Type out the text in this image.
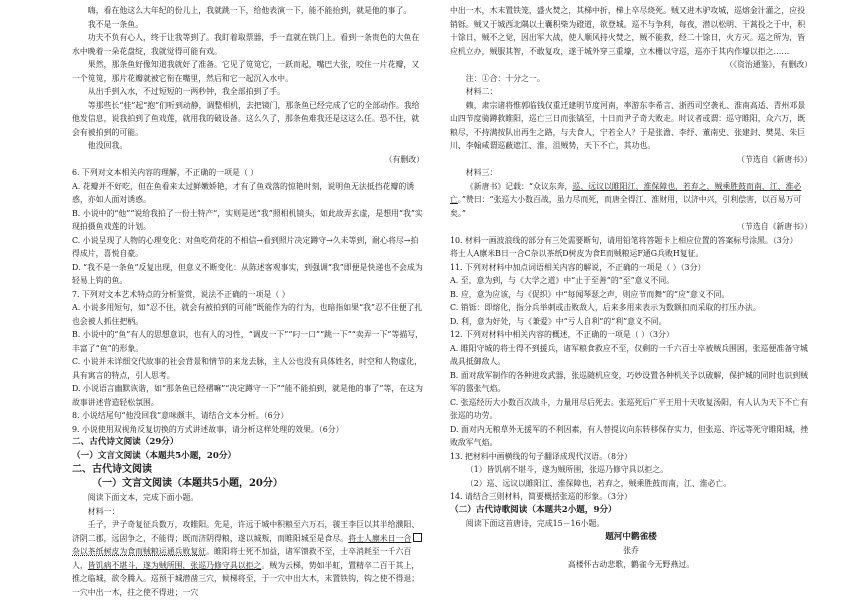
嗨，看在他这么大年纪的份儿上，我就跳一下，给他表演一下，能不能抬到，就是他的事了。

我不是一条鱼。

功夫不负有心人，终于让我等到了。我盯着取票器，手一直就在铁门上。看到一条贵色的大鱼在水中晚着一朵花盘绽，我就觉得可能有戏。

果然，那条鱼好像知道我就好了准备。它见了笕笕它，一跃而起，嘴巴大张，咬住一片花瓣，又一个笕笕，那片花瓣就被它衔在嘴里，然后和它一起沉入水中。

从出手到入水，不过短短的一两秒钟，我全部拍到了手。

等那些长“桂”起“抱”们听到动静，调整相机，去把镜门，那条鱼已经完成了它的全部动作。我给他发信息，说我拍到了鱼戏莲，就用我的破设备。这么久了，那条鱼难我还是这这么任。恐不住，就会有被拍到的可能。

他没回我。

（有删改）

6. 下列对文本相关内容的理解，不正确的一项是（ ）

A. 花瓣并不好吃，但在鱼看来太过鲜嫩娇艳，才有了鱼戏落的惊艳时刻，说明鱼无法抵挡花瓣的诱惑，亦如人面对诱惑。

B. 小说中的“他”“说给我拍了一份土特产”，实则是送“我”照相机镜头，如此故弄玄虚，是想用“我”实现拍摄鱼戏莲的计划。

C. 小说呈现了人物的心理变化：对鱼吃荷花的不相信→看到照片决定蹲守→久未等到，耐心将尽→拍得成片，喜悦自豪。

D. “我不是一条鱼”反复出现，但意义不断变化：从陈述客观事实，到强调“我”即便是快递也不会成为轻易上钩的鱼。

7. 下列对文本艺术特点的分析鉴赏，说法不正确的一项是（ ）

A. 小说多用短句，如“忍不住，就会有被拍到的可能”既能作为的行为，也暗指如果“我”忍不住便了扎也会被人抓住把柄。

B. 小说中的“鱼”有人的思想意识，也有人的习性，“调皮一下”“叼一口”“跳一下”“卖弄一下”等描写，丰富了“鱼”的形象。

C. 小说并未详细交代故事的社会背景和情节的来龙去脉，主人公也没有具体姓名，时空和人物虚化，具有寓言的特点，引人思考。

D. 小说语言幽默诙谐，如“那条鱼已经褶嘛”“决定蹲守一下”“能不能拍到，就是他的事了”等，在这为故事讲述营造轻松氛围。

8. 小说结尾句“他没回我”意味颇丰，请结合文本分析。（6分）

9. 小说使用双视角反复切换的方式讲述故事，请分析这样处理的效果。（6分）

二、古代诗文阅读（29分）

（一）文言文阅读（本题共5小题，20分）

二、古代诗文阅读

（一）文言文阅读（本题共5小题，20分）

阅读下面文本，完成下面小题。

材料一：

壬子，尹子奇复征兵数万，攻睢阳。先是，许远于城中积粮至六万石，虢王李巨以其半给濮阳、济阴二郡，远固争之，不能得；既而济阴得粮，遂以城叛，而睢阳城至是食尽。将士人廪米日一合杂以茶纸树皮为食而贼粮运通兵败复征。睢阳将士死不加益，诸军馈救不至，士卒消耗至一千六百人，皆饥病不堪斗，遂为贼所围，张巡乃修守具以拒之。贼为云梯，势如半虹，置精卒二百于其上，推之临城，欲令腾入。巡预于城潜凿三穴，候梯将至，于一穴中出大木，末置铁钩，钩之使不得退；一穴中出一木，拄之使不得进；一穴

中出一木，木末置铁笼，盛火焚之，其梯中折，梯上卒尽烧死。贼又进木驴攻城，巡熔金汁灌之，应投销铄。贼又于城西北隅以土囊积柴为磴道，欲登城。巡不与争利，每夜，潜以松明、干蒿投之于中，积十馀日，贼不之觉，因出军大战，使人顺风持火焚之，贼不能救，经二十馀日，火方灭。巡之所为，皆应机立办，贼服其智，不敢复攻，遂于城外穿三重壕，立木栅以守巡，巡亦于其内作壕以拒之……

（《资治通鉴》，有删改）

注：①合：十分之一。

材料二：

赖，肃宗诸将惟郭临钱仅重迁建明节度河南，率游东李希言、浙西司空袭礼、淮南高适、青州邓景山四节度骑蹲救睢阳，巡亡三日而张镐至，十日而尹子奇大败走。时议者或谓：巡守睢阳，众六万，既粮尽，不持满按队出再生之路，与夫食人，宁若全人？于是张澹、李纾、董南史、张建封、樊晃、朱巨川、李翰咸谓巡蔽遮江、淮，沮贼势，天下不亡，其功也。

（节选自《新唐书》）

材料三：

《新唐书》记载：“众议东奔，巡、远议以睢阳江、淮保障也，若弃之，贼乘胜鼓而南，江、淮必亡。”赞曰：“张巡大小数百战，虽力尽而死，而唐全得江、淮财用，以济中兴，引利偿害，以百易万可矣。”

（节选自《新唐书》）

10. 材料一画波浪线的部分有三处需要断句，请用铅笔将答题卡上相应位置的答案标号涂黑。（3分）

将士人A廪米B日一合C杂以茶纸D树皮为食E而贼粮运F通G兵败H复征。

11. 下列对材料中加点词语相关内容的解说，不正确的一项是（ ）（3分）

A. 至，意为到，与《大学之道》中“止于至善”的“至”意义不同。

B. 应，意为应该，与《促织》中“每闻琴瑟之声，则应节而舞”的“应”意义不同。

C. 销铄：即熔化，指分兵举刺或击败敌人，后来多用来表示为数额扣而采取的打压办法。

D. 利，意为好处，与《兼爱》中“亏人自利”的“利”意义不同。

12. 下列对材料中相关内容的概述，不正确的一项是（ ）（3分）

A. 睢阳守城的将士得不到援兵，诸军粮食救应不至，仅剩的一千六百士卒被贼兵围困，张巡便准备守城战具抵御敌人。

B. 面对敌军制作的各种进攻武器，张巡随机应变，巧妙设置各种机关予以破解，保护城的同时也识到贼军的嚣张气焰。

C. 张巡经历大小数百次战斗，力量用尽后死去。张巡死后广平王用十天收复汤阳，有人认为天下不亡有张巡的功劳。

D. 面对内无粮草外无援军的不利因素，有人替提议向东转移保存实力，但张巡、许远等死守睢阳城，挫败敌军气焰。

13. 把材料中画横线的句子翻译成现代汉语。（8分）

（1）皆饥病不堪斗，遂为贼所围，张巡乃修守具以拒之。

（2）巡、远议以睢阳江、淮保障也，若弃之，贼乘胜鼓而南，江、淮必亡。

14. 请结合三则材料，简要概括张巡的形象。（3分）

（二）古代诗歌阅读（本题共2小题，9分）

阅读下面这首唐诗，完成15－16小题。

题河中鹳雀楼

张乔

高楼怀古动悲歌，鹳雀今无野燕过。
